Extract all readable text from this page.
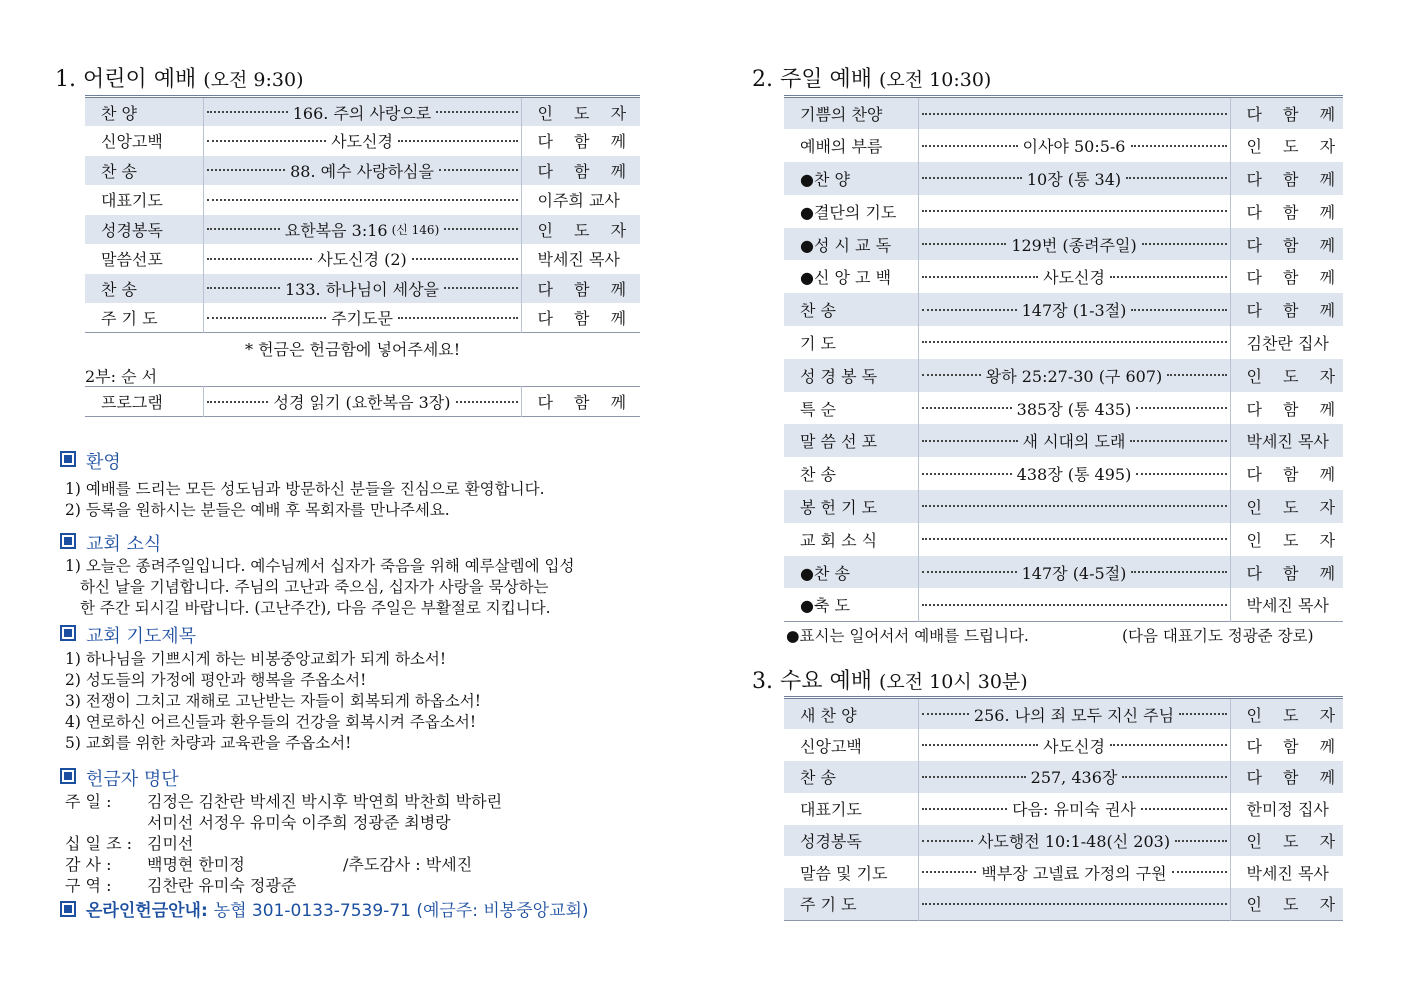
1. 어린이 예배 (오전 9:30)
찬 양	166. 주의 사랑으로	인 도 자
신앙고백	사도신경	다 함 께
찬 송	88. 예수 사랑하심을	다 함 께
대표기도		이주희 교사
성경봉독	요한복음 3:16 (신 146)	인 도 자
말씀선포	사도신경 (2)	박세진 목사
찬 송	133. 하나님이 세상을	다 함 께
주 기 도	주기도문	다 함 께
* 헌금은 헌금함에 넣어주세요!
2부: 순 서
프로그램	성경 읽기 (요한복음 3장)	다 함 께
환영
1) 예배를 드리는 모든 성도님과 방문하신 분들을 진심으로 환영합니다.
2) 등록을 원하시는 분들은 예배 후 목회자를 만나주세요.
교회 소식
1) 오늘은 종려주일입니다. 예수님께서 십자가 죽음을 위해 예루살렘에 입성
하신 날을 기념합니다. 주님의 고난과 죽으심, 십자가 사랑을 묵상하는
한 주간 되시길 바랍니다. (고난주간), 다음 주일은 부활절로 지킵니다.
교회 기도제목
1) 하나님을 기쁘시게 하는 비봉중앙교회가 되게 하소서!
2) 성도들의 가정에 평안과 행복을 주옵소서!
3) 전쟁이 그치고 재해로 고난받는 자들이 회복되게 하옵소서!
4) 연로하신 어르신들과 환우들의 건강을 회복시켜 주옵소서!
5) 교회를 위한 차량과 교육관을 주옵소서!
헌금자 명단
주 일 : 김정은 김찬란 박세진 박시후 박연희 박찬희 박하린
서미선 서정우 유미숙 이주희 정광준 최병랑
십 일 조 : 김미선
감 사 : 백명현 한미정	/추도감사 : 박세진
구 역 : 김찬란 유미숙 정광준
온라인헌금안내: 농협 301-0133-7539-71 (예금주: 비봉중앙교회)
2. 주일 예배 (오전 10:30)
기쁨의 찬양		다 함 께
예배의 부름	이사야 50:5-6	인 도 자
●찬 양	10장 (통 34)	다 함 께
●결단의 기도		다 함 께
●성 시 교 독	129번 (종려주일)	다 함 께
●신 앙 고 백	사도신경	다 함 께
찬 송	147장 (1-3절)	다 함 께
기 도		김찬란 집사
성 경 봉 독	왕하 25:27-30 (구 607)	인 도 자
특 순	385장 (통 435)	다 함 께
말 씀 선 포	새 시대의 도래	박세진 목사
찬 송	438장 (통 495)	다 함 께
봉 헌 기 도		인 도 자
교 회 소 식		인 도 자
●찬 송	147장 (4-5절)	다 함 께
●축 도		박세진 목사
●표시는 일어서서 예배를 드립니다.	(다음 대표기도 정광준 장로)
3. 수요 예배 (오전 10시 30분)
새 찬 양	256. 나의 죄 모두 지신 주님	인 도 자
신앙고백	사도신경	다 함 께
찬 송	257, 436장	다 함 께
대표기도	다음: 유미숙 권사	한미정 집사
성경봉독	사도행전 10:1-48(신 203)	인 도 자
말씀 및 기도	백부장 고넬료 가정의 구원	박세진 목사
주 기 도		인 도 자
